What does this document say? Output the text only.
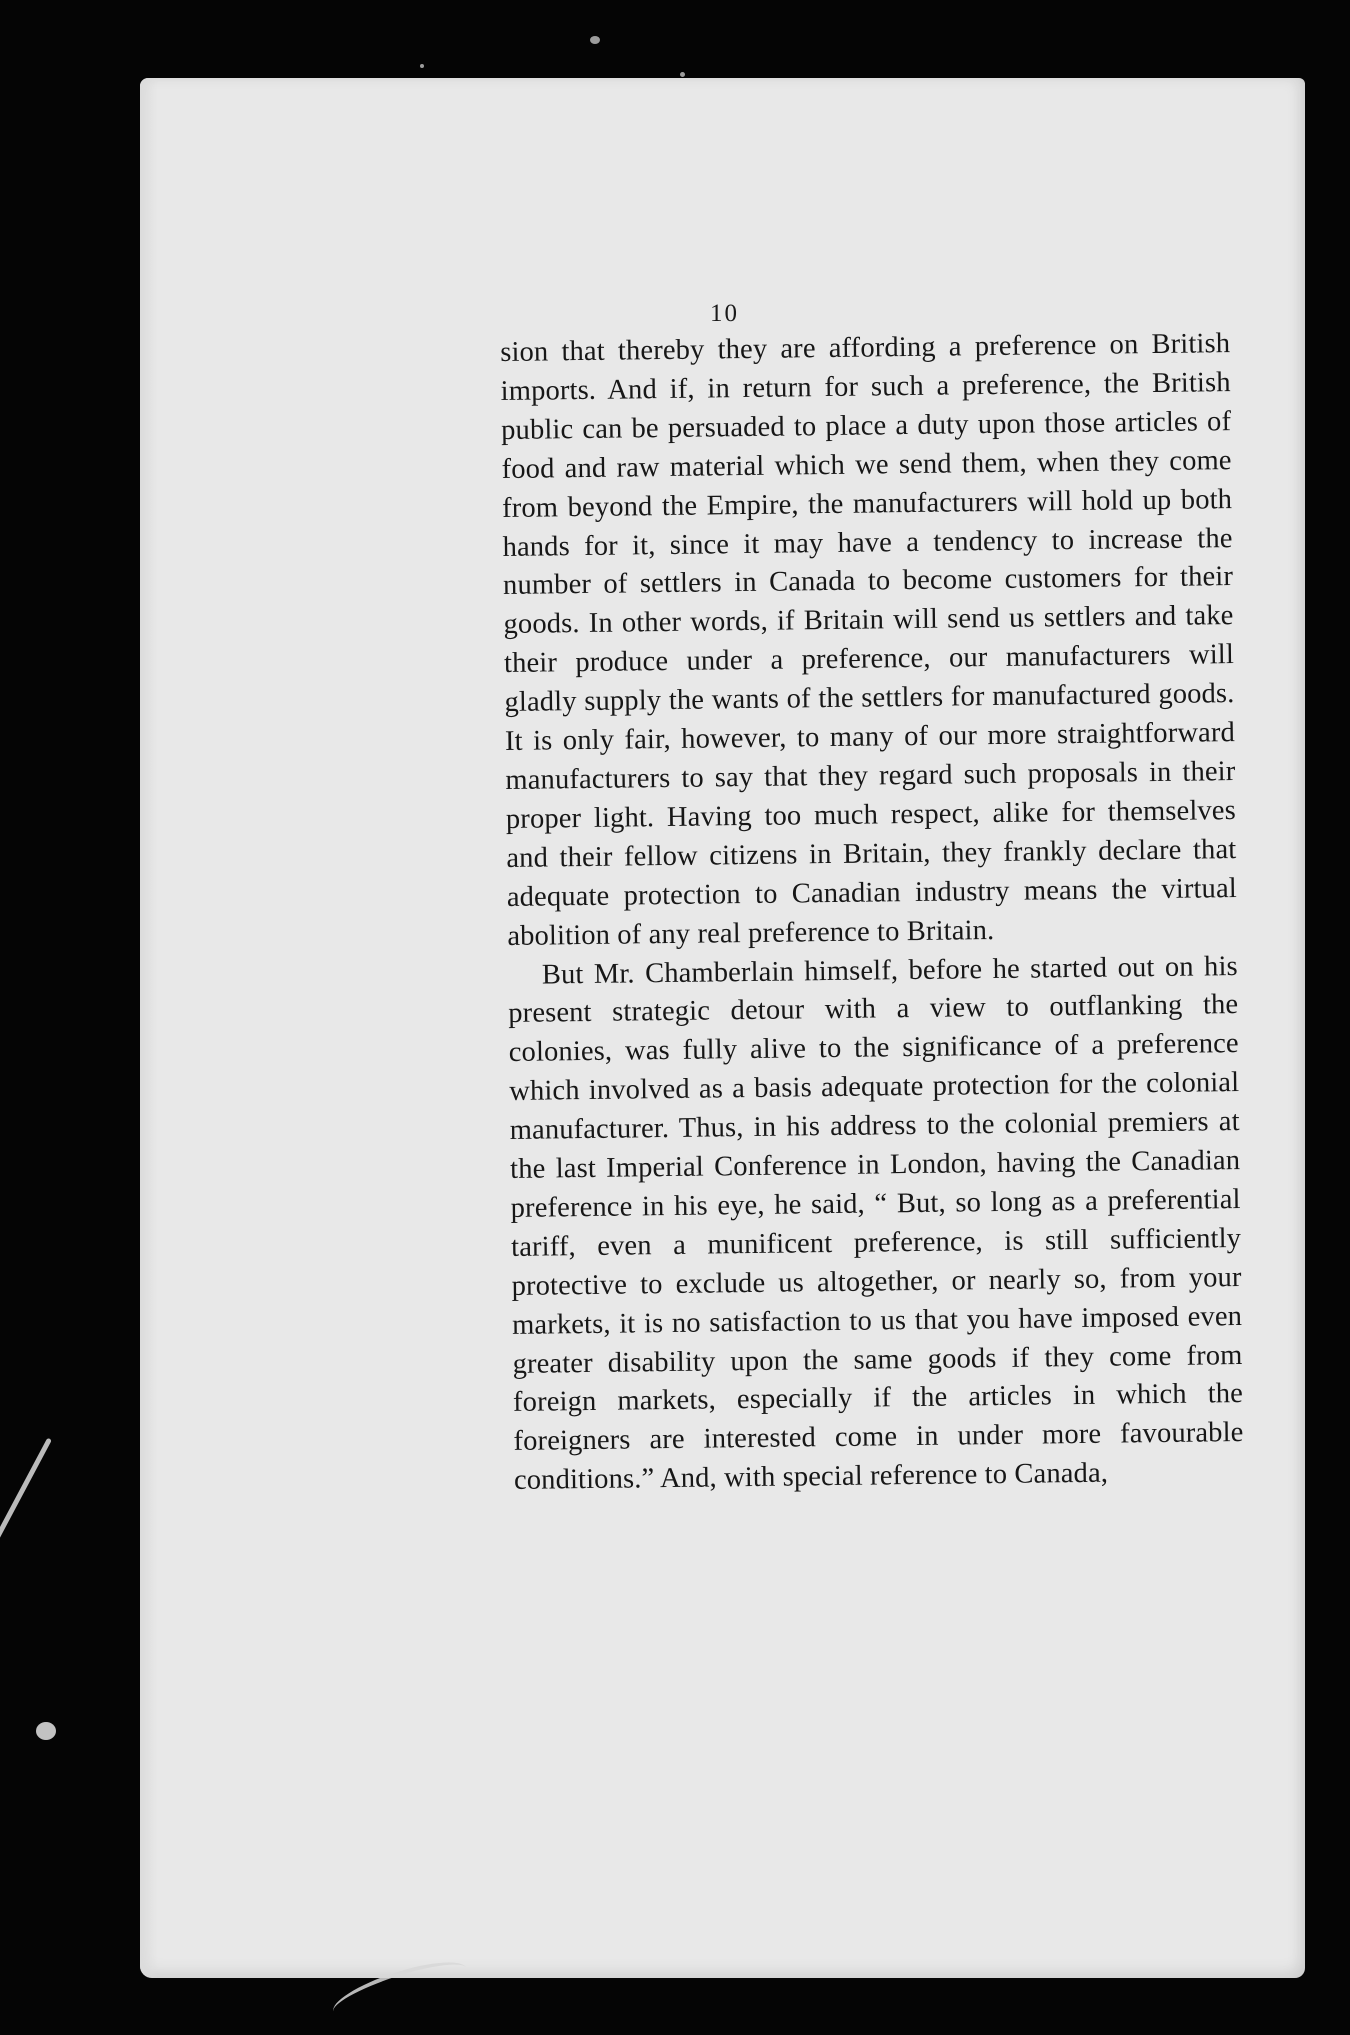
10

sion that thereby they are affording a preference on British imports. And if, in return for such a preference, the British public can be persuaded to place a duty upon those articles of food and raw material which we send them, when they come from beyond the Empire, the manufacturers will hold up both hands for it, since it may have a tendency to increase the number of settlers in Canada to become customers for their goods. In other words, if Britain will send us settlers and take their produce under a preference, our manufacturers will gladly supply the wants of the settlers for manufactured goods. It is only fair, however, to many of our more straightforward manufacturers to say that they regard such proposals in their proper light. Having too much respect, alike for themselves and their fellow citizens in Britain, they frankly declare that adequate protection to Canadian industry means the virtual abolition of any real preference to Britain.

But Mr. Chamberlain himself, before he started out on his present strategic detour with a view to outflanking the colonies, was fully alive to the significance of a preference which involved as a basis adequate protection for the colonial manufacturer. Thus, in his address to the colonial premiers at the last Imperial Conference in London, having the Canadian preference in his eye, he said, “ But, so long as a preferential tariff, even a munificent preference, is still sufficiently protective to exclude us altogether, or nearly so, from your markets, it is no satisfaction to us that you have imposed even greater disability upon the same goods if they come from foreign markets, especially if the articles in which the foreigners are interested come in under more favourable conditions.” And, with special reference to Canada,
